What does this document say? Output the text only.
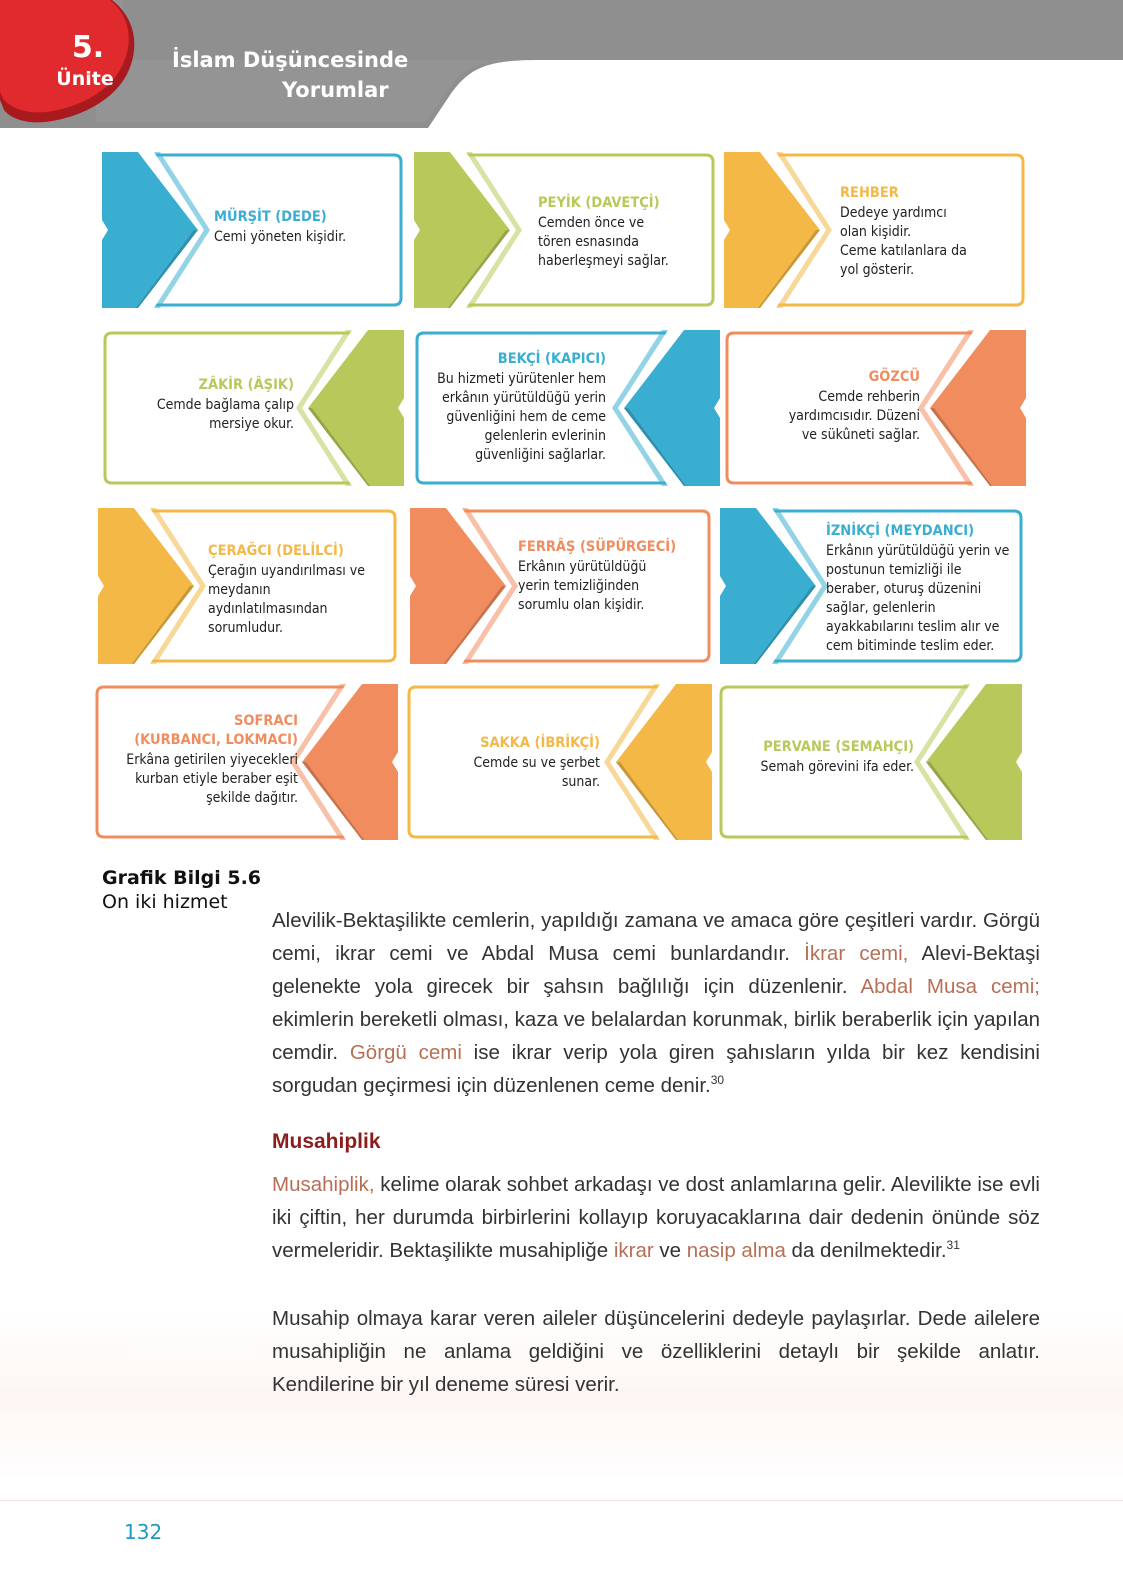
5.
Ünite
İslam Düşüncesinde
Yorumlar
MÜRŞİT (DEDE)
Cemi yöneten kişidir.
PEYİK (DAVETÇİ)
Cemden önce ve
tören esnasında
haberleşmeyi sağlar.
REHBER
Dedeye yardımcı
olan kişidir.
Ceme katılanlara da
yol gösterir.
ZÂKİR (ÂŞIK)
Cemde bağlama çalıp
mersiye okur.
BEKÇİ (KAPICI)
Bu hizmeti yürütenler hem
erkânın yürütüldüğü yerin
güvenliğini hem de ceme
gelenlerin evlerinin
güvenliğini sağlarlar.
GÖZCÜ
Cemde rehberin
yardımcısıdır. Düzeni
ve sükûneti sağlar.
ÇERAĞCI (DELİLCİ)
Çerağın uyandırılması ve
meydanın aydınlatılmasından
sorumludur.
FERRÂŞ (SÜPÜRGECİ)
Erkânın yürütüldüğü
yerin temizliğinden
sorumlu olan kişidir.
İZNİKÇİ (MEYDANCI)
Erkânın yürütüldüğü yerin ve
postunun temizliği ile
beraber, oturuş düzenini
sağlar, gelenlerin
ayakkabılarını teslim alır ve
cem bitiminde teslim eder.
SOFRACI
(KURBANCI, LOKMACI)
Erkâna getirilen yiyecekleri
kurban etiyle beraber eşit
şekilde dağıtır.
SAKKA (İBRİKÇİ)
Cemde su ve şerbet
sunar.
PERVANE (SEMAHÇI)
Semah görevini ifa eder.
Grafik Bilgi 5.6
On iki hizmet

Alevilik-Bektaşilikte cemlerin, yapıldığı zamana ve amaca göre çeşitleri vardır. Görgü cemi, ikrar cemi ve Abdal Musa cemi bunlardandır. İkrar cemi, Alevi-Bektaşi gelenekte yola girecek bir şahsın bağlılığı için düzenlenir. Abdal Musa cemi; ekimlerin bereketli olması, kaza ve belalardan korunmak, birlik beraberlik için yapılan cemdir. Görgü cemi ise ikrar verip yola giren şahısların yılda bir kez kendisini sorgudan geçirmesi için düzenlenen ceme denir.$^{30}$

Musahiplik

Musahiplik, kelime olarak sohbet arkadaşı ve dost anlamlarına gelir. Alevilikte ise evli iki çiftin, her durumda birbirlerini kollayıp koruyacaklarına dair dedenin önünde söz vermeleridir. Bektaşilikte musahipliğe ikrar ve nasip alma da denilmektedir.$^{31}$

Musahip olmaya karar veren aileler düşüncelerini dedeyle paylaşırlar. Dede ailelere musahipliğin ne anlama geldiğini ve özelliklerini detaylı bir şekilde anlatır. Kendilerine bir yıl deneme süresi verir.

132
